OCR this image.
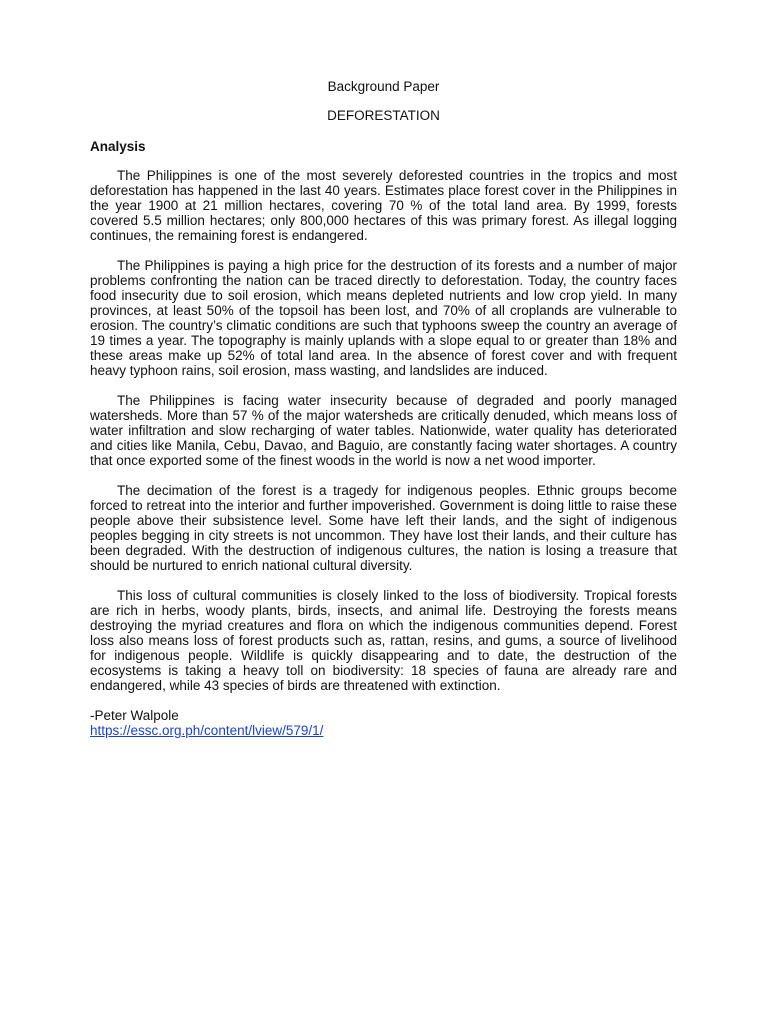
Background Paper
DEFORESTATION
Analysis

The Philippines is one of the most severely deforested countries in the tropics and most deforestation has happened in the last 40 years. Estimates place forest cover in the Philippines in the year 1900 at 21 million hectares, covering 70 % of the total land area. By 1999, forests covered 5.5 million hectares; only 800,000 hectares of this was primary forest. As illegal logging continues, the remaining forest is endangered.

The Philippines is paying a high price for the destruction of its forests and a number of major problems confronting the nation can be traced directly to deforestation. Today, the country faces food insecurity due to soil erosion, which means depleted nutrients and low crop yield. In many provinces, at least 50% of the topsoil has been lost, and 70% of all croplands are vulnerable to erosion. The country’s climatic conditions are such that typhoons sweep the country an average of 19 times a year. The topography is mainly uplands with a slope equal to or greater than 18% and these areas make up 52% of total land area. In the absence of forest cover and with frequent heavy typhoon rains, soil erosion, mass wasting, and landslides are induced.

The Philippines is facing water insecurity because of degraded and poorly managed watersheds. More than 57 % of the major watersheds are critically denuded, which means loss of water infiltration and slow recharging of water tables. Nationwide, water quality has deteriorated and cities like Manila, Cebu, Davao, and Baguio, are constantly facing water shortages. A country that once exported some of the finest woods in the world is now a net wood importer.

The decimation of the forest is a tragedy for indigenous peoples. Ethnic groups become forced to retreat into the interior and further impoverished. Government is doing little to raise these people above their subsistence level. Some have left their lands, and the sight of indigenous peoples begging in city streets is not uncommon. They have lost their lands, and their culture has been degraded. With the destruction of indigenous cultures, the nation is losing a treasure that should be nurtured to enrich national cultural diversity.

This loss of cultural communities is closely linked to the loss of biodiversity. Tropical forests are rich in herbs, woody plants, birds, insects, and animal life. Destroying the forests means destroying the myriad creatures and flora on which the indigenous communities depend. Forest loss also means loss of forest products such as, rattan, resins, and gums, a source of livelihood for indigenous people. Wildlife is quickly disappearing and to date, the destruction of the ecosystems is taking a heavy toll on biodiversity: 18 species of fauna are already rare and endangered, while 43 species of birds are threatened with extinction.

-Peter Walpole
https://essc.org.ph/content/lview/579/1/
